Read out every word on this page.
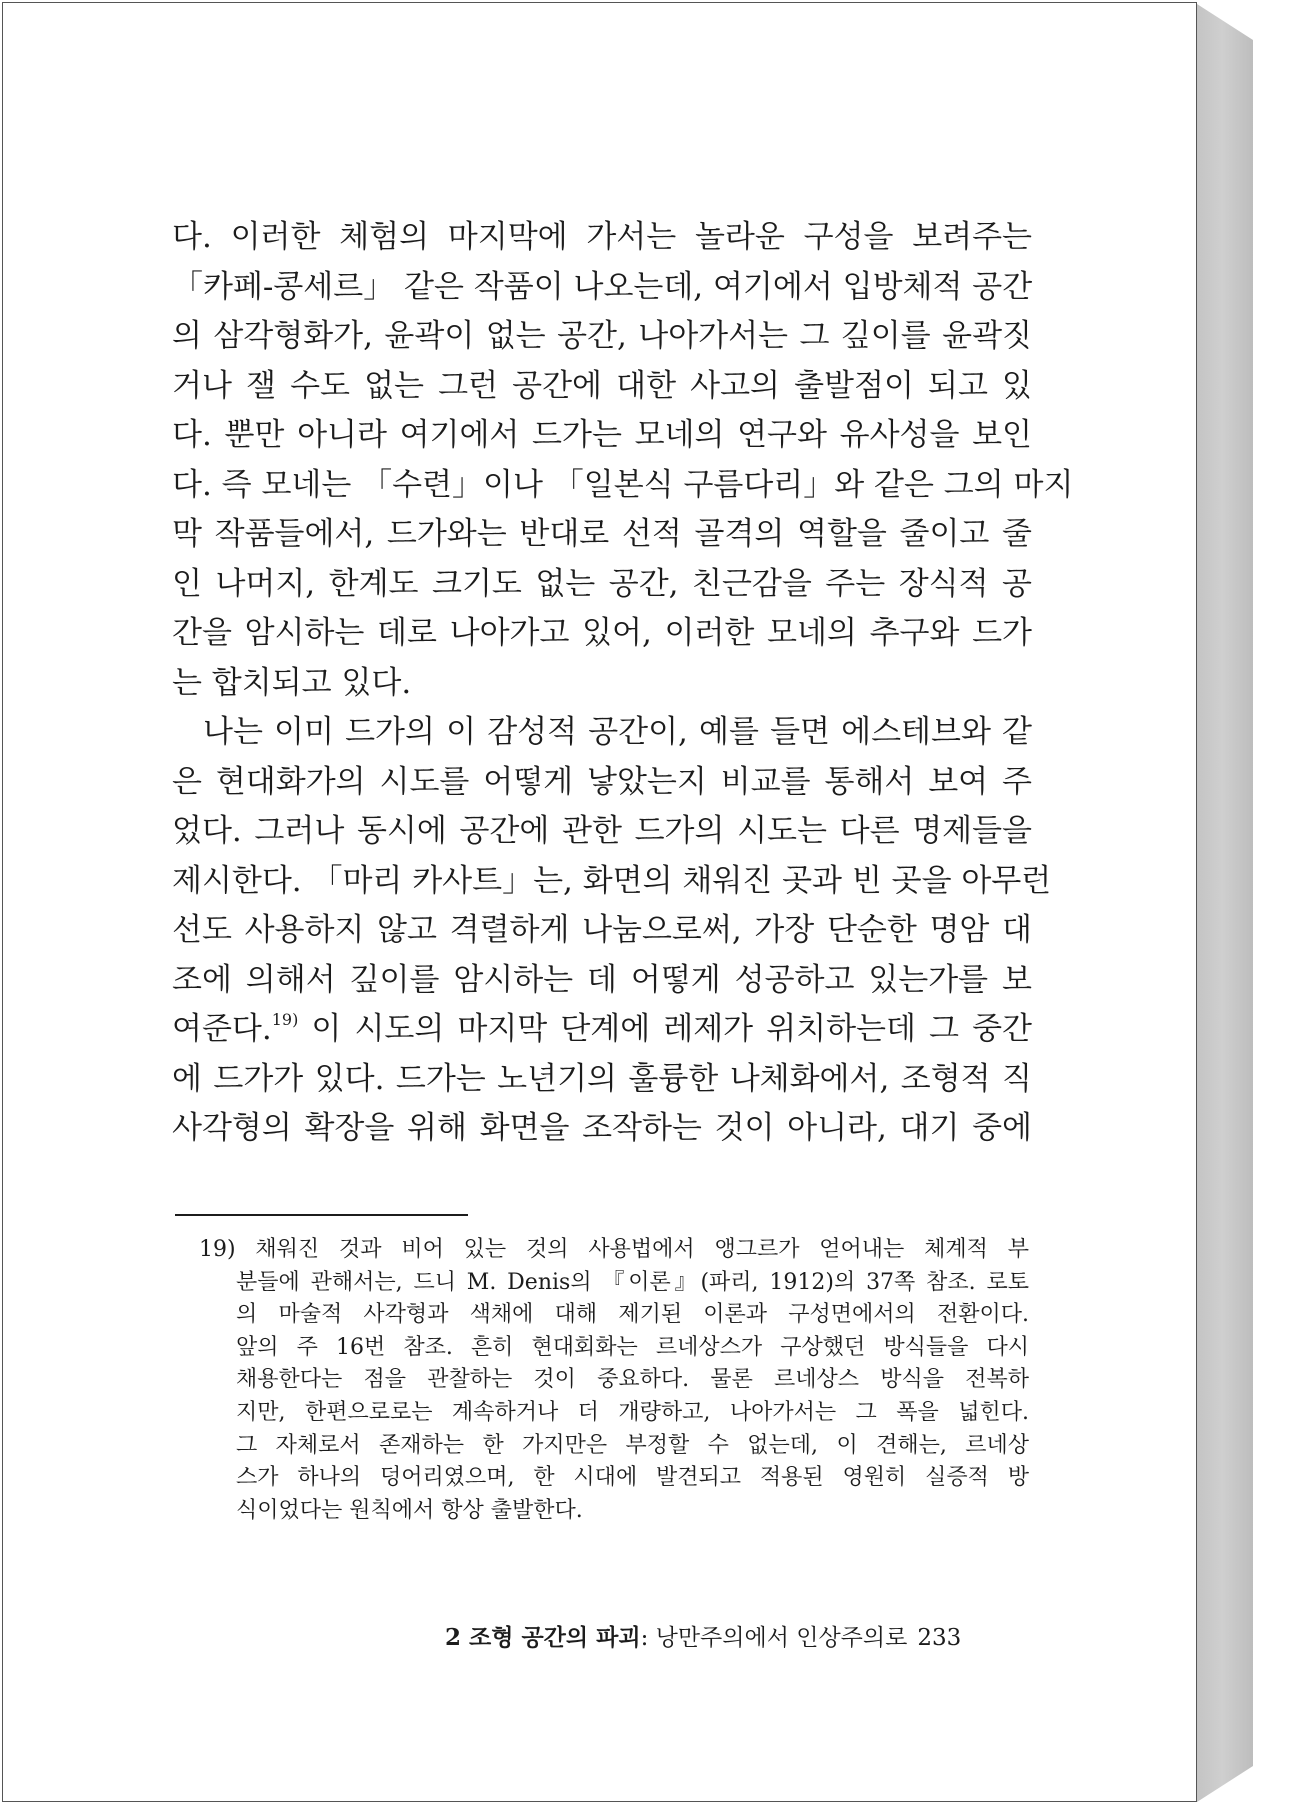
다. 이러한 체험의 마지막에 가서는 놀라운 구성을 보려주는
「카페-콩세르」 같은 작품이 나오는데, 여기에서 입방체적 공간
의 삼각형화가, 윤곽이 없는 공간, 나아가서는 그 깊이를 윤곽짓
거나 잴 수도 없는 그런 공간에 대한 사고의 출발점이 되고 있
다. 뿐만 아니라 여기에서 드가는 모네의 연구와 유사성을 보인
다. 즉 모네는 「수련」이나 「일본식 구름다리」와 같은 그의 마지
막 작품들에서, 드가와는 반대로 선적 골격의 역할을 줄이고 줄
인 나머지, 한계도 크기도 없는 공간, 친근감을 주는 장식적 공
간을 암시하는 데로 나아가고 있어, 이러한 모네의 추구와 드가
는 합치되고 있다.
나는 이미 드가의 이 감성적 공간이, 예를 들면 에스테브와 같
은 현대화가의 시도를 어떻게 낳았는지 비교를 통해서 보여 주
었다. 그러나 동시에 공간에 관한 드가의 시도는 다른 명제들을
제시한다. 「마리 카사트」는, 화면의 채워진 곳과 빈 곳을 아무런
선도 사용하지 않고 격렬하게 나눔으로써, 가장 단순한 명암 대
조에 의해서 깊이를 암시하는 데 어떻게 성공하고 있는가를 보
여준다.$^{19)}$ 이 시도의 마지막 단계에 레제가 위치하는데 그 중간
에 드가가 있다. 드가는 노년기의 훌륭한 나체화에서, 조형적 직
사각형의 확장을 위해 화면을 조작하는 것이 아니라, 대기 중에
19) 채워진 것과 비어 있는 것의 사용법에서 앵그르가 얻어내는 체계적 부
분들에 관해서는, 드니 M. Denis의 『이론』(파리, 1912)의 37쪽 참조. 로토
의 마술적 사각형과 색채에 대해 제기된 이론과 구성면에서의 전환이다.
앞의 주 16번 참조. 흔히 현대회화는 르네상스가 구상했던 방식들을 다시
채용한다는 점을 관찰하는 것이 중요하다. 물론 르네상스 방식을 전복하
지만, 한편으로로는 계속하거나 더 개량하고, 나아가서는 그 폭을 넓힌다.
그 자체로서 존재하는 한 가지만은 부정할 수 없는데, 이 견해는, 르네상
스가 하나의 덩어리였으며, 한 시대에 발견되고 적용된 영원히 실증적 방
식이었다는 원칙에서 항상 출발한다.
2 조형 공간의 파괴: 낭만주의에서 인상주의로 233
